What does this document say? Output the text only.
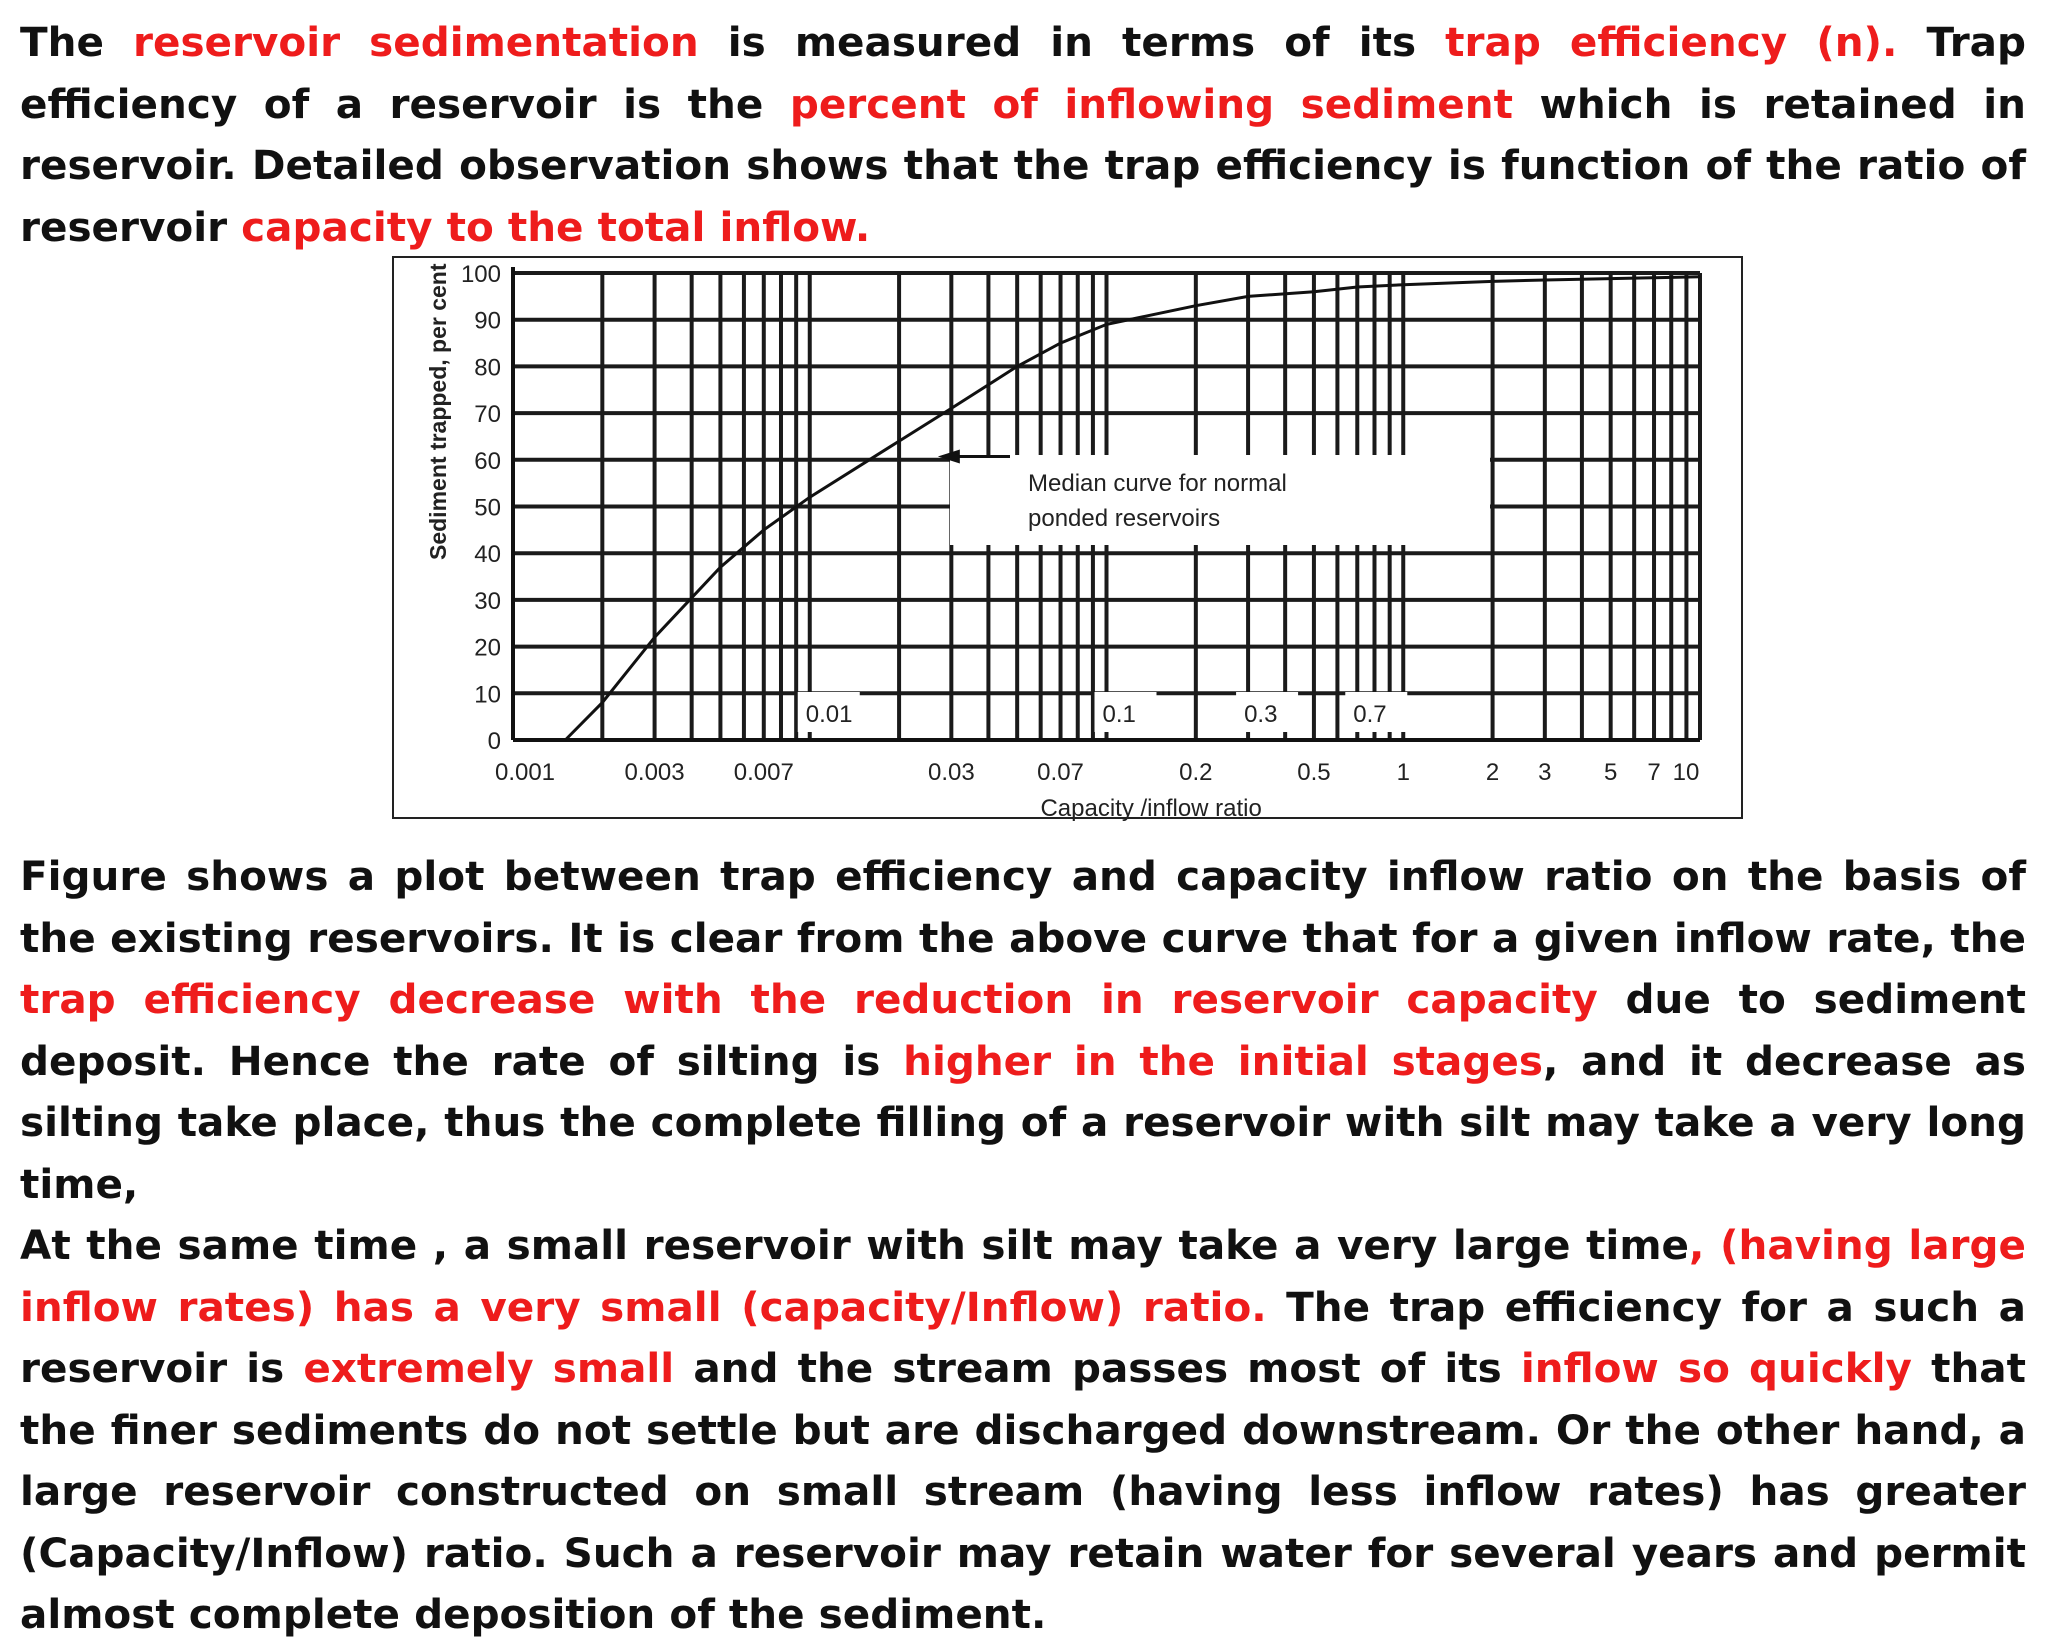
The reservoir sedimentation is measured in terms of its trap efficiency (n). Trap efficiency of a reservoir is the percent of inflowing sediment which is retained in reservoir. Detailed observation shows that the trap efficiency is function of the ratio of reservoir capacity to the total inflow.

100
90
80
70
60
50
40
30
20
10
0
0.001	0.003 0.007	0.03	0.07	0.2	0.5	1	2 3 5 7 10
0.01	0.1	0.3	0.7
Capacity /inflow ratio
Median curve for normal
ponded reservoirs
Sediment trapped, per cent

Figure shows a plot between trap efficiency and capacity inflow ratio on the basis of the existing reservoirs. It is clear from the above curve that for a given inflow rate, the trap efficiency decrease with the reduction in reservoir capacity due to sediment deposit. Hence the rate of silting is higher in the initial stages, and it decrease as silting take place, thus the complete filling of a reservoir with silt may take a very long time,
At the same time , a small reservoir with silt may take a very large time, (having large inflow rates) has a very small (capacity/Inflow) ratio. The trap efficiency for a such a reservoir is extremely small and the stream passes most of its inflow so quickly that the finer sediments do not settle but are discharged downstream. Or the other hand, a large reservoir constructed on small stream (having less inflow rates) has greater (Capacity/Inflow) ratio. Such a reservoir may retain water for several years and permit almost complete deposition of the sediment.
